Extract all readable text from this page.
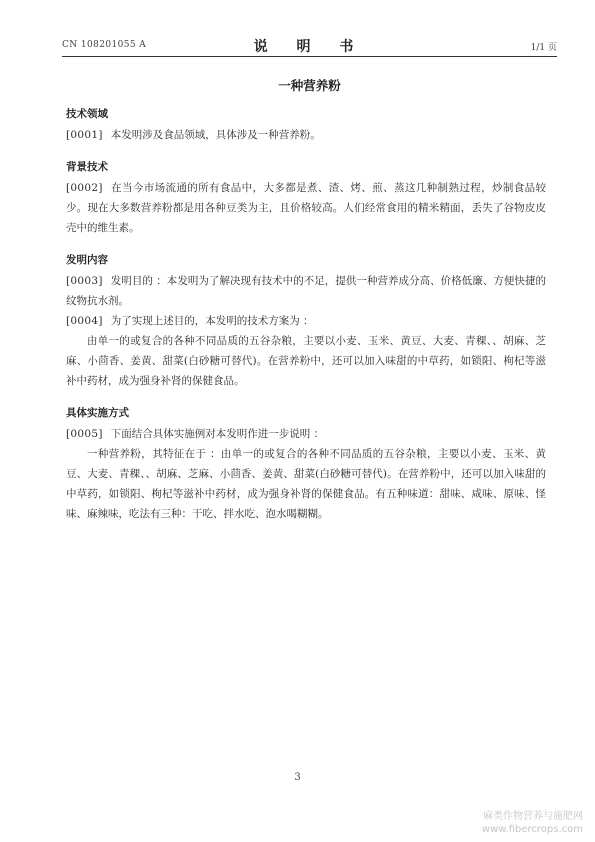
CN 108201055 A	说 明 书	1/1 页
一种营养粉
技术领域

[0001] 本发明涉及食品领域，具体涉及一种营养粉。

背景技术

[0002] 在当今市场流通的所有食品中，大多都是煮、渣、烤、煎、蒸这几种制熟过程，炒制食品较少。现在大多数营养粉都是用各种豆类为主，且价格较高。人们经常食用的精米精面，丢失了谷物皮皮壳中的维生素。

发明内容

[0003] 发明目的 ：本发明为了解决现有技术中的不足，提供一种营养成分高、价格低廉、方便快捷的纹物抗水剂。

[0004] 为了实现上述目的，本发明的技术方案为 ：

由单一的或复合的各种不同品质的五谷杂粮，主要以小麦、玉米、黄豆、大麦、青稞、、胡麻、芝麻、小茴香、姜黄、甜菜(白砂糖可替代)。在营养粉中，还可以加入味甜的中草药，如锁阳、枸杞等滋补中药材，成为强身补肾的保健食品。

具体实施方式

[0005] 下面结合具体实施例对本发明作进一步说明 ：

一种营养粉，其特征在于 ：由单一的或复合的各种不同品质的五谷杂粮，主要以小麦、玉米、黄豆、大麦、青稞、、胡麻、芝麻、小茴香、姜黄、甜菜(白砂糖可替代)。在营养粉中，还可以加入味甜的中草药，如锁阳、枸杞等滋补中药材，成为强身补肾的保健食品。有五种味道：甜味、咸味、原味、怪味、麻辣味，吃法有三种：干吃、拌水吃、泡水喝糊糊。

3
麻类作物营养与施肥网
www.fibercrops.com
